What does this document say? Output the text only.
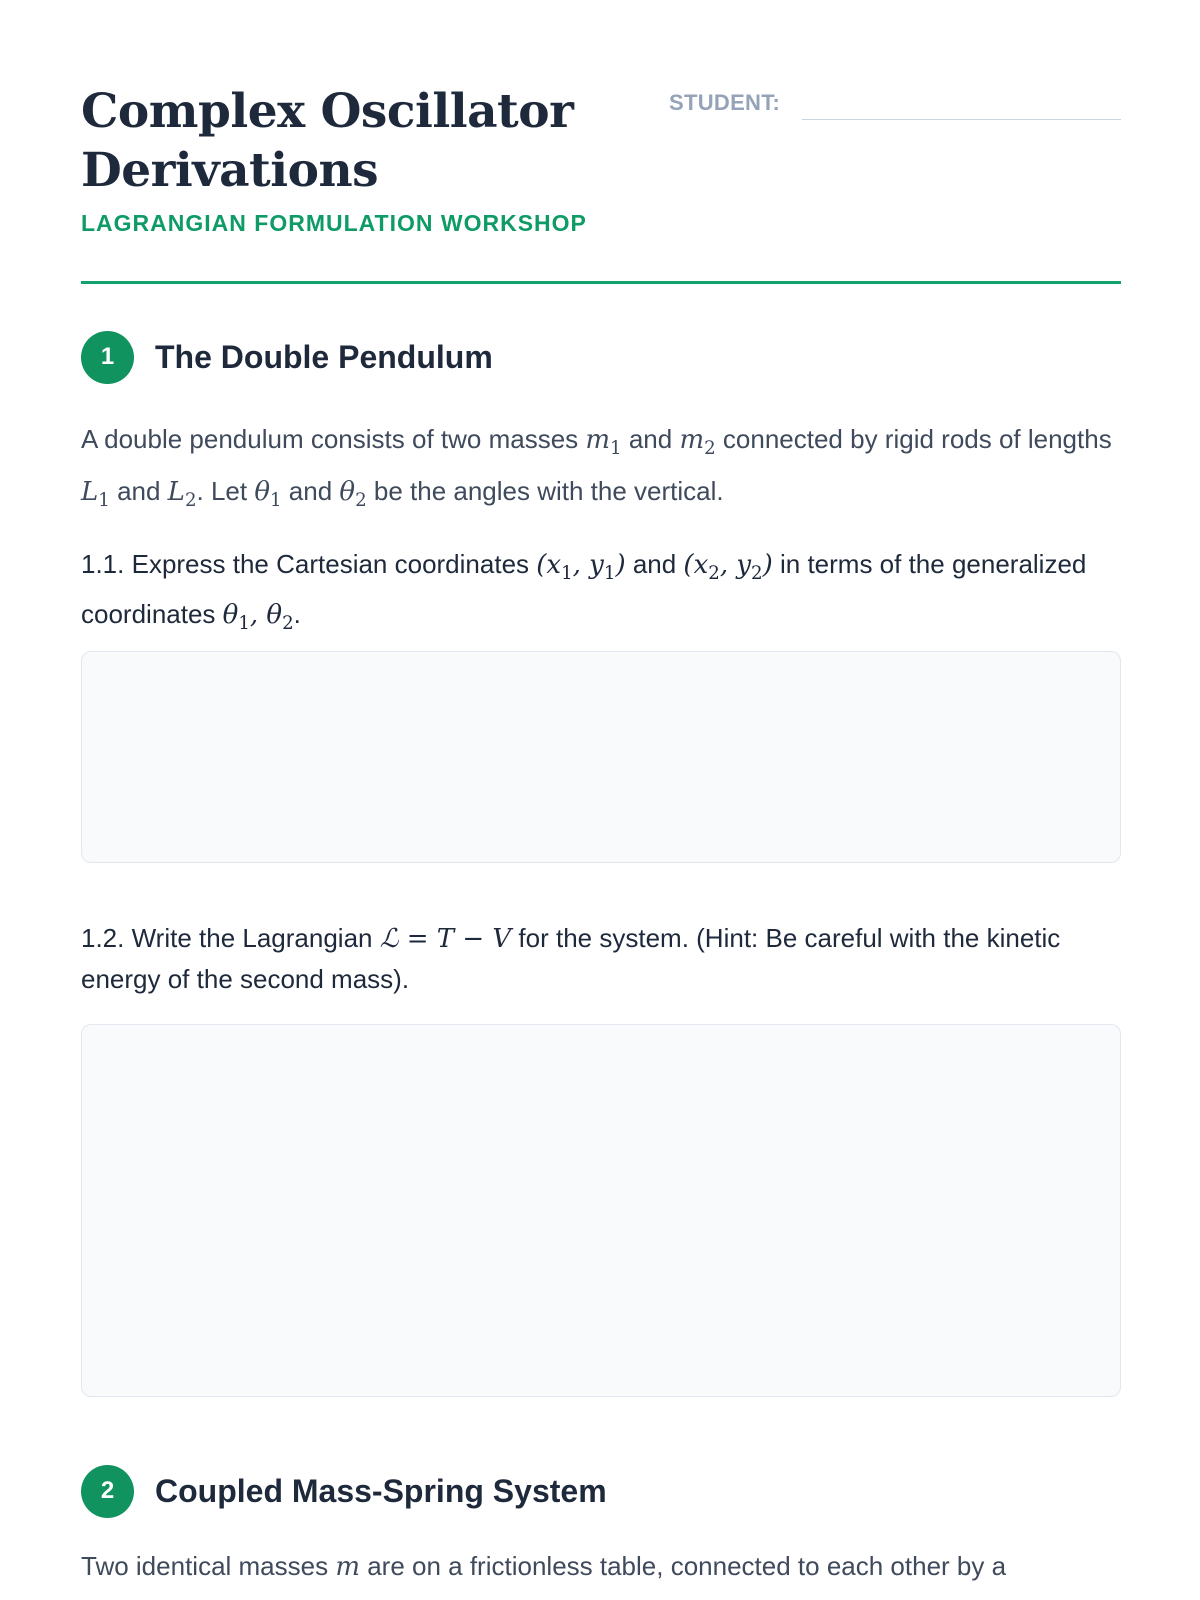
Complex Oscillator Derivations
LAGRANGIAN FORMULATION WORKSHOP
STUDENT:
1	The Double Pendulum
A double pendulum consists of two masses $m_1$ and $m_2$ connected by rigid rods of lengths $L_1$ and $L_2$. Let $\theta_1$ and $\theta_2$ be the angles with the vertical.
1.1. Express the Cartesian coordinates ($x_1$, $y_1$) and ($x_2$, $y_2$) in terms of the generalized coordinates $\theta_1$, $\theta_2$.
1.2. Write the Lagrangian ℒ = T − V for the system. (Hint: Be careful with the kinetic energy of the second mass).
2	Coupled Mass-Spring System
Two identical masses m are on a frictionless table, connected to each other by a
